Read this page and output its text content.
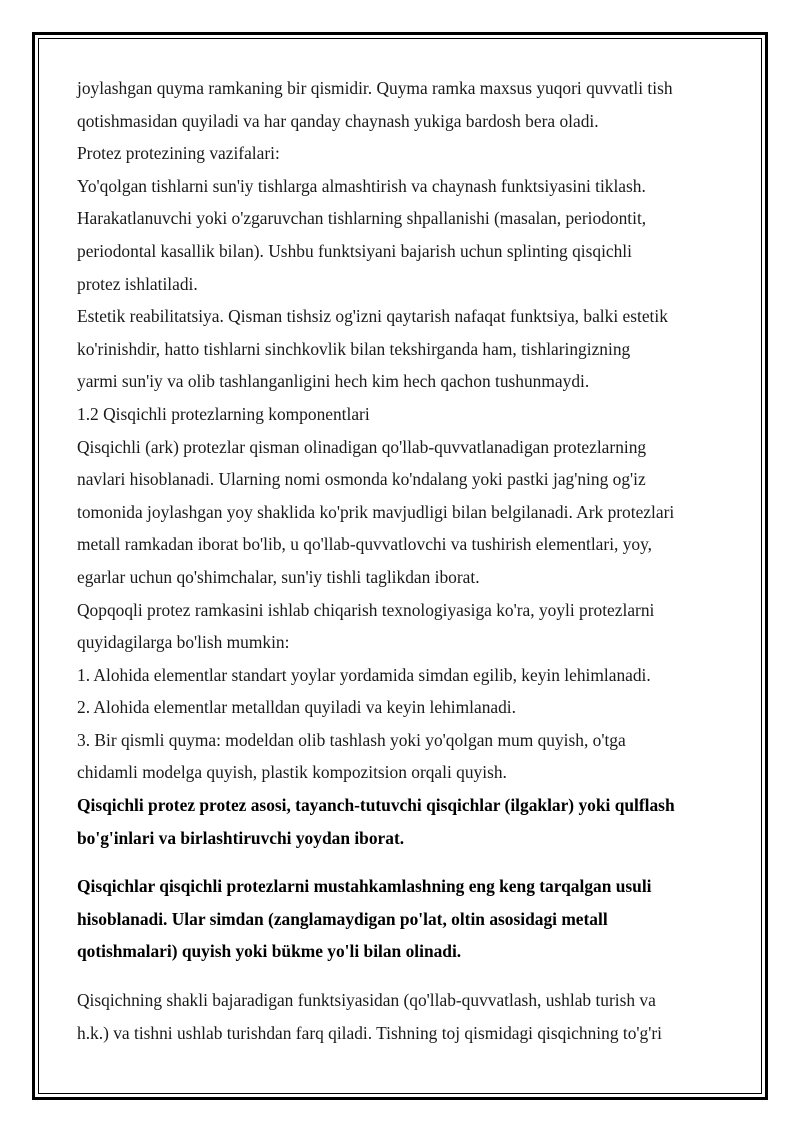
joylashgan quyma ramkaning bir qismidir. Quyma ramka maxsus yuqori quvvatli tish

qotishmasidan quyiladi va har qanday chaynash yukiga bardosh bera oladi.

Protez protezining vazifalari:

Yo'qolgan tishlarni sun'iy tishlarga almashtirish va chaynash funktsiyasini tiklash.

Harakatlanuvchi yoki o'zgaruvchan tishlarning shpallanishi (masalan, periodontit,

periodontal kasallik bilan). Ushbu funktsiyani bajarish uchun splinting qisqichli

protez ishlatiladi.

Estetik reabilitatsiya. Qisman tishsiz og'izni qaytarish nafaqat funktsiya, balki estetik

ko'rinishdir, hatto tishlarni sinchkovlik bilan tekshirganda ham, tishlaringizning

yarmi sun'iy va olib tashlanganligini hech kim hech qachon tushunmaydi.

1.2 Qisqichli protezlarning komponentlari

Qisqichli (ark) protezlar qisman olinadigan qo'llab-quvvatlanadigan protezlarning

navlari hisoblanadi. Ularning nomi osmonda ko'ndalang yoki pastki jag'ning og'iz

tomonida joylashgan yoy shaklida ko'prik mavjudligi bilan belgilanadi. Ark protezlari

metall ramkadan iborat bo'lib, u qo'llab-quvvatlovchi va tushirish elementlari, yoy,

egarlar uchun qo'shimchalar, sun'iy tishli taglikdan iborat.

Qopqoqli protez ramkasini ishlab chiqarish texnologiyasiga ko'ra, yoyli protezlarni

quyidagilarga bo'lish mumkin:

1. Alohida elementlar standart yoylar yordamida simdan egilib, keyin lehimlanadi.

2. Alohida elementlar metalldan quyiladi va keyin lehimlanadi.

3. Bir qismli quyma: modeldan olib tashlash yoki yo'qolgan mum quyish, o'tga

chidamli modelga quyish, plastik kompozitsion orqali quyish.

Qisqichli protez protez asosi, tayanch-tutuvchi qisqichlar (ilgaklar) yoki qulflash

bo'g'inlari va birlashtiruvchi yoydan iborat.

Qisqichlar qisqichli protezlarni mustahkamlashning eng keng tarqalgan usuli

hisoblanadi. Ular simdan (zanglamaydigan po'lat, oltin asosidagi metall

qotishmalari) quyish yoki bükme yo'li bilan olinadi.

Qisqichning shakli bajaradigan funktsiyasidan (qo'llab-quvvatlash, ushlab turish va

h.k.) va tishni ushlab turishdan farq qiladi. Tishning toj qismidagi qisqichning to'g'ri
